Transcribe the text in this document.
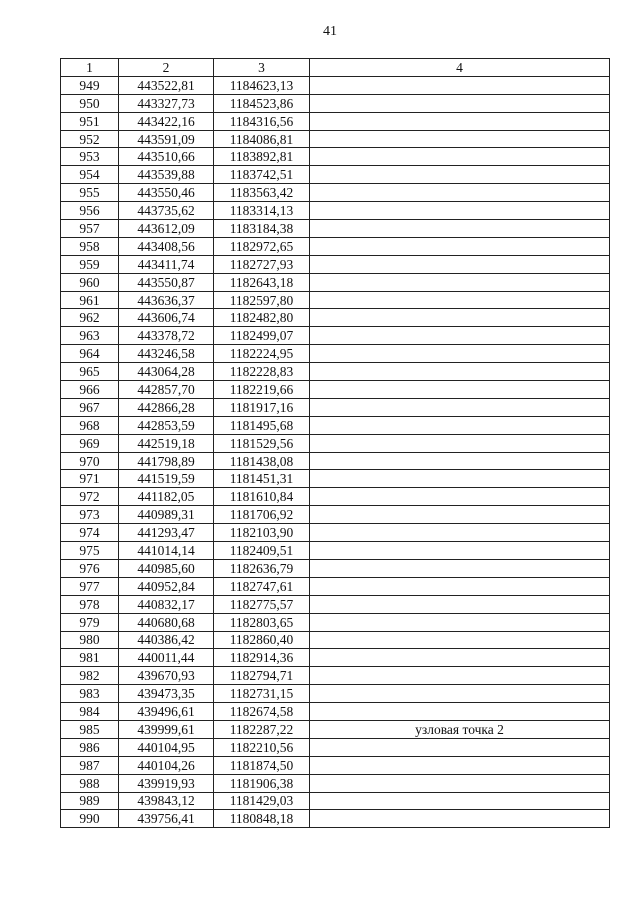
41
1	2	3	4
949	443522,81	1184623,13	
950	443327,73	1184523,86	
951	443422,16	1184316,56	
952	443591,09	1184086,81	
953	443510,66	1183892,81	
954	443539,88	1183742,51	
955	443550,46	1183563,42	
956	443735,62	1183314,13	
957	443612,09	1183184,38	
958	443408,56	1182972,65	
959	443411,74	1182727,93	
960	443550,87	1182643,18	
961	443636,37	1182597,80	
962	443606,74	1182482,80	
963	443378,72	1182499,07	
964	443246,58	1182224,95	
965	443064,28	1182228,83	
966	442857,70	1182219,66	
967	442866,28	1181917,16	
968	442853,59	1181495,68	
969	442519,18	1181529,56	
970	441798,89	1181438,08	
971	441519,59	1181451,31	
972	441182,05	1181610,84	
973	440989,31	1181706,92	
974	441293,47	1182103,90	
975	441014,14	1182409,51	
976	440985,60	1182636,79	
977	440952,84	1182747,61	
978	440832,17	1182775,57	
979	440680,68	1182803,65	
980	440386,42	1182860,40	
981	440011,44	1182914,36	
982	439670,93	1182794,71	
983	439473,35	1182731,15	
984	439496,61	1182674,58	
985	439999,61	1182287,22	узловая точка 2
986	440104,95	1182210,56	
987	440104,26	1181874,50	
988	439919,93	1181906,38	
989	439843,12	1181429,03	
990	439756,41	1180848,18	
